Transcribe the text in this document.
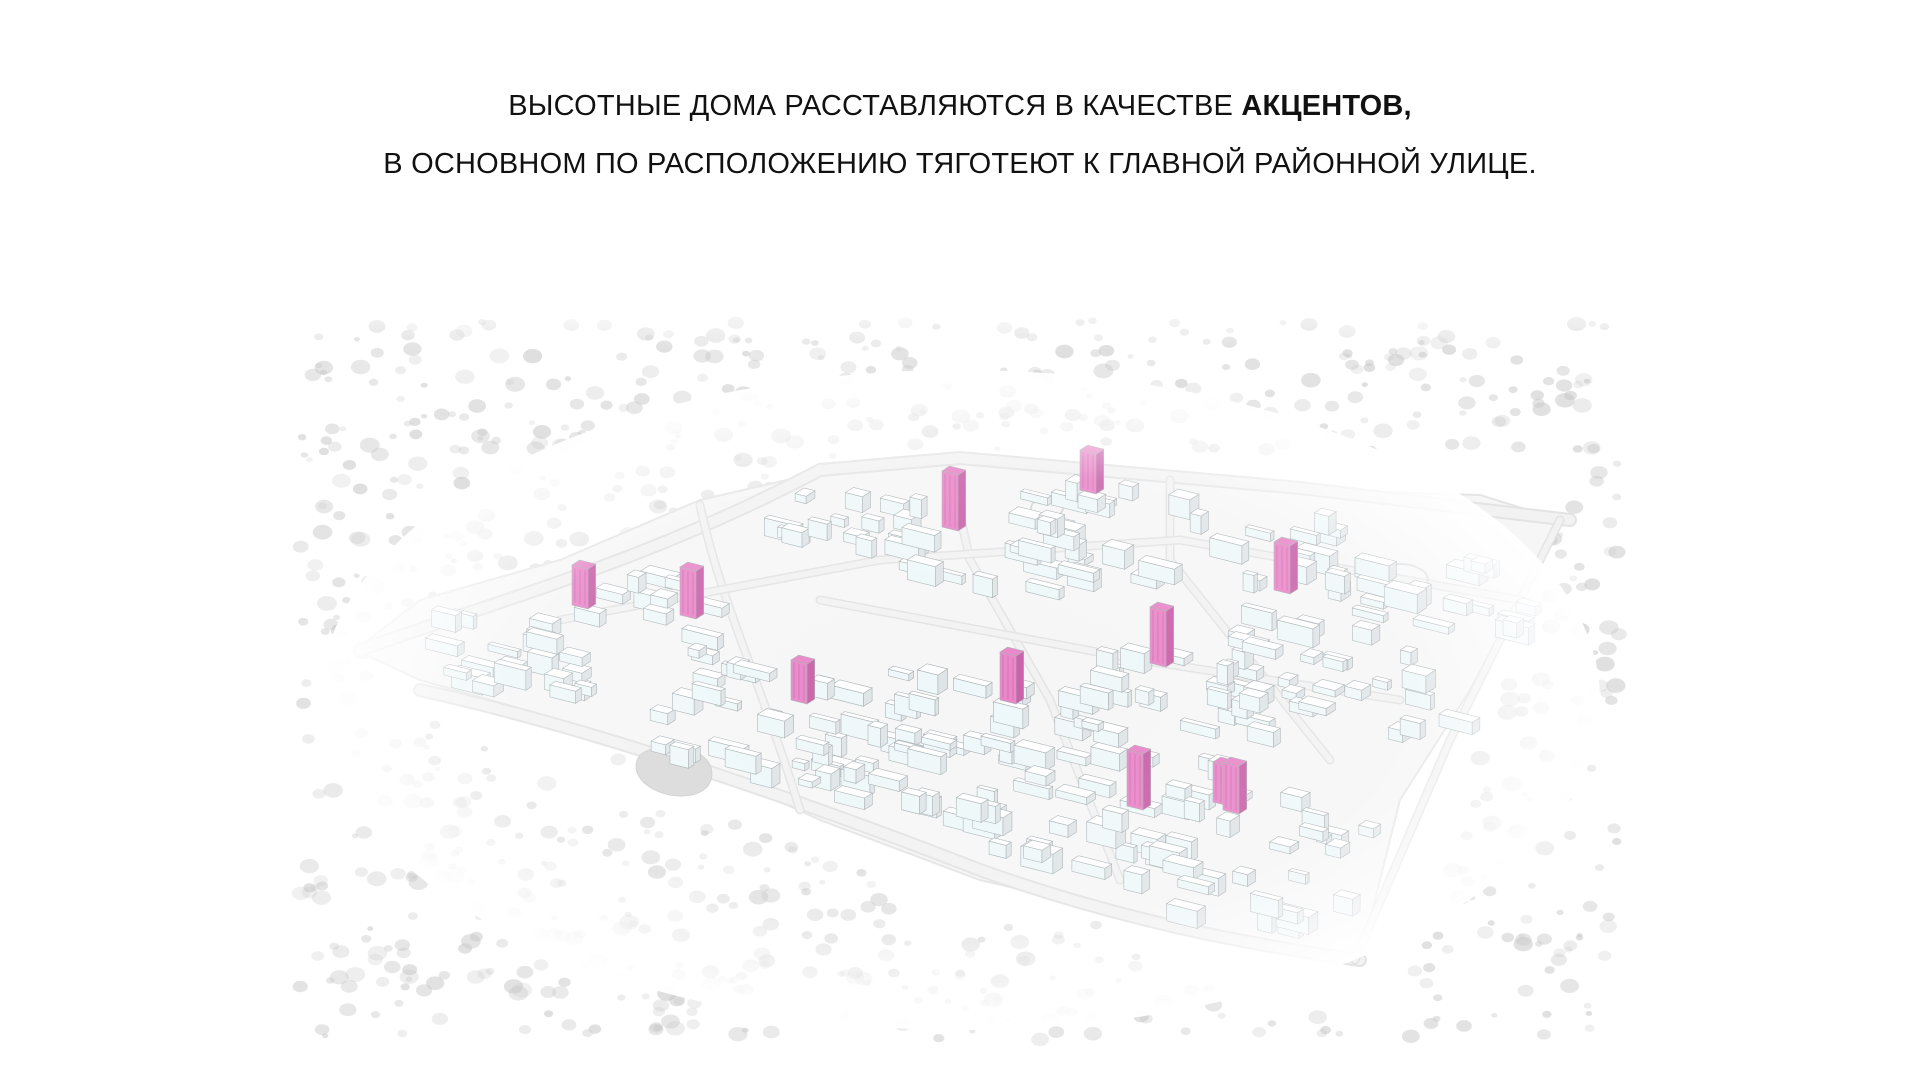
ВЫСОТНЫЕ ДОМА РАССТАВЛЯЮТСЯ В КАЧЕСТВЕ АКЦЕНТОВ,
В ОСНОВНОМ ПО РАСПОЛОЖЕНИЮ ТЯГОТЕЮТ К ГЛАВНОЙ РАЙОННОЙ УЛИЦЕ.
